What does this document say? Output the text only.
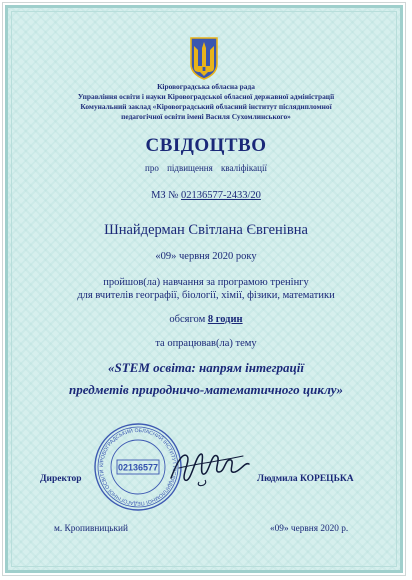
Кіровоградська обласна рада
Управління освіти і науки Кіровоградської обласної державної адміністрації
Комунальний заклад «Кіровоградський обласний інститут післядипломної
педагогічної освіти імені Василя Сухомлинського»
СВІДОЦТВО
про підвищення кваліфікації
МЗ № 02136577-2433/20
Шнайдерман Світлана Євгенівна
«09» червня 2020 року
пройшов(ла) навчання за програмою тренінгу
для вчителів географії, біології, хімії, фізики, математики
обсягом 8 годин
та опрацював(ла) тему
«STEM освіта: напрям інтеграції
предметів природничо-математичного циклу»
КІРОВОГРАДСЬКИЙ ОБЛАСНИЙ ІНСТИТУТ ПІСЛЯДИПЛОМНОЇ ПЕДАГОГІЧНОЇ ОСВІТИ	02136577
Директор	Людмила КОРЕЦЬКА
м. Кропивницький	«09» червня 2020 р.
